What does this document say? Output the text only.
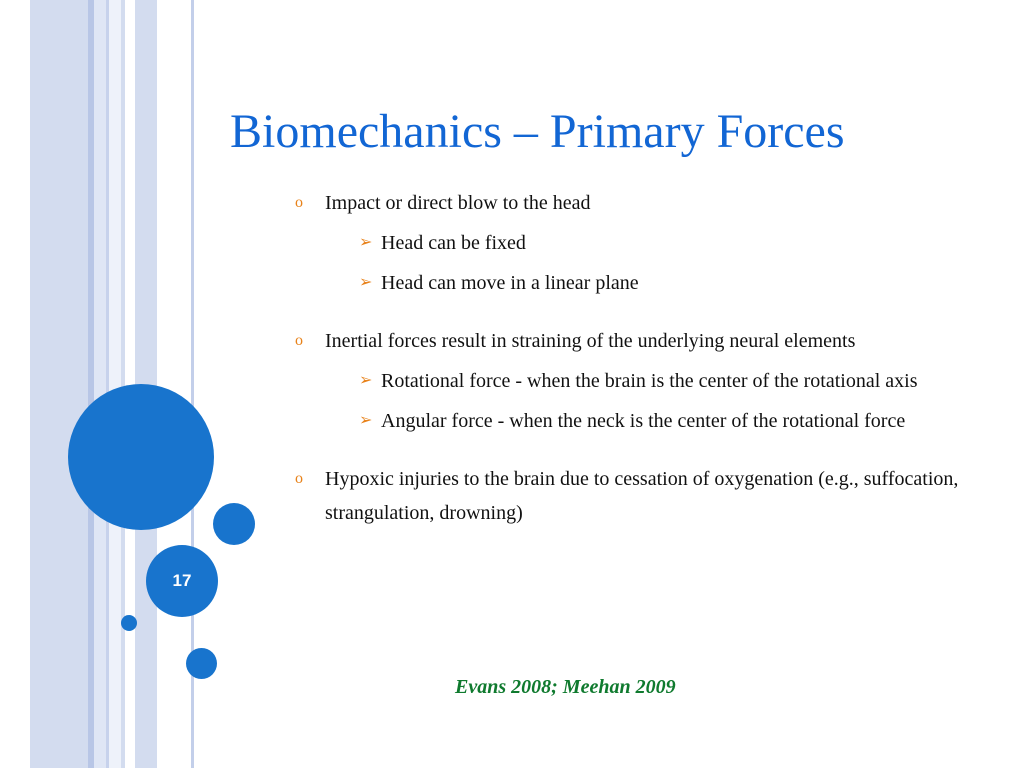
17
Biomechanics – Primary Forces
o Impact or direct blow to the head
➢ Head can be fixed
➢ Head can move in a linear plane
o Inertial forces result in straining of the underlying neural elements
➢ Rotational force - when the brain is the center of the rotational axis
➢ Angular force - when the neck is the center of the rotational force
o Hypoxic injuries to the brain due to cessation of oxygenation (e.g., suffocation, strangulation, drowning)
Evans 2008; Meehan 2009
